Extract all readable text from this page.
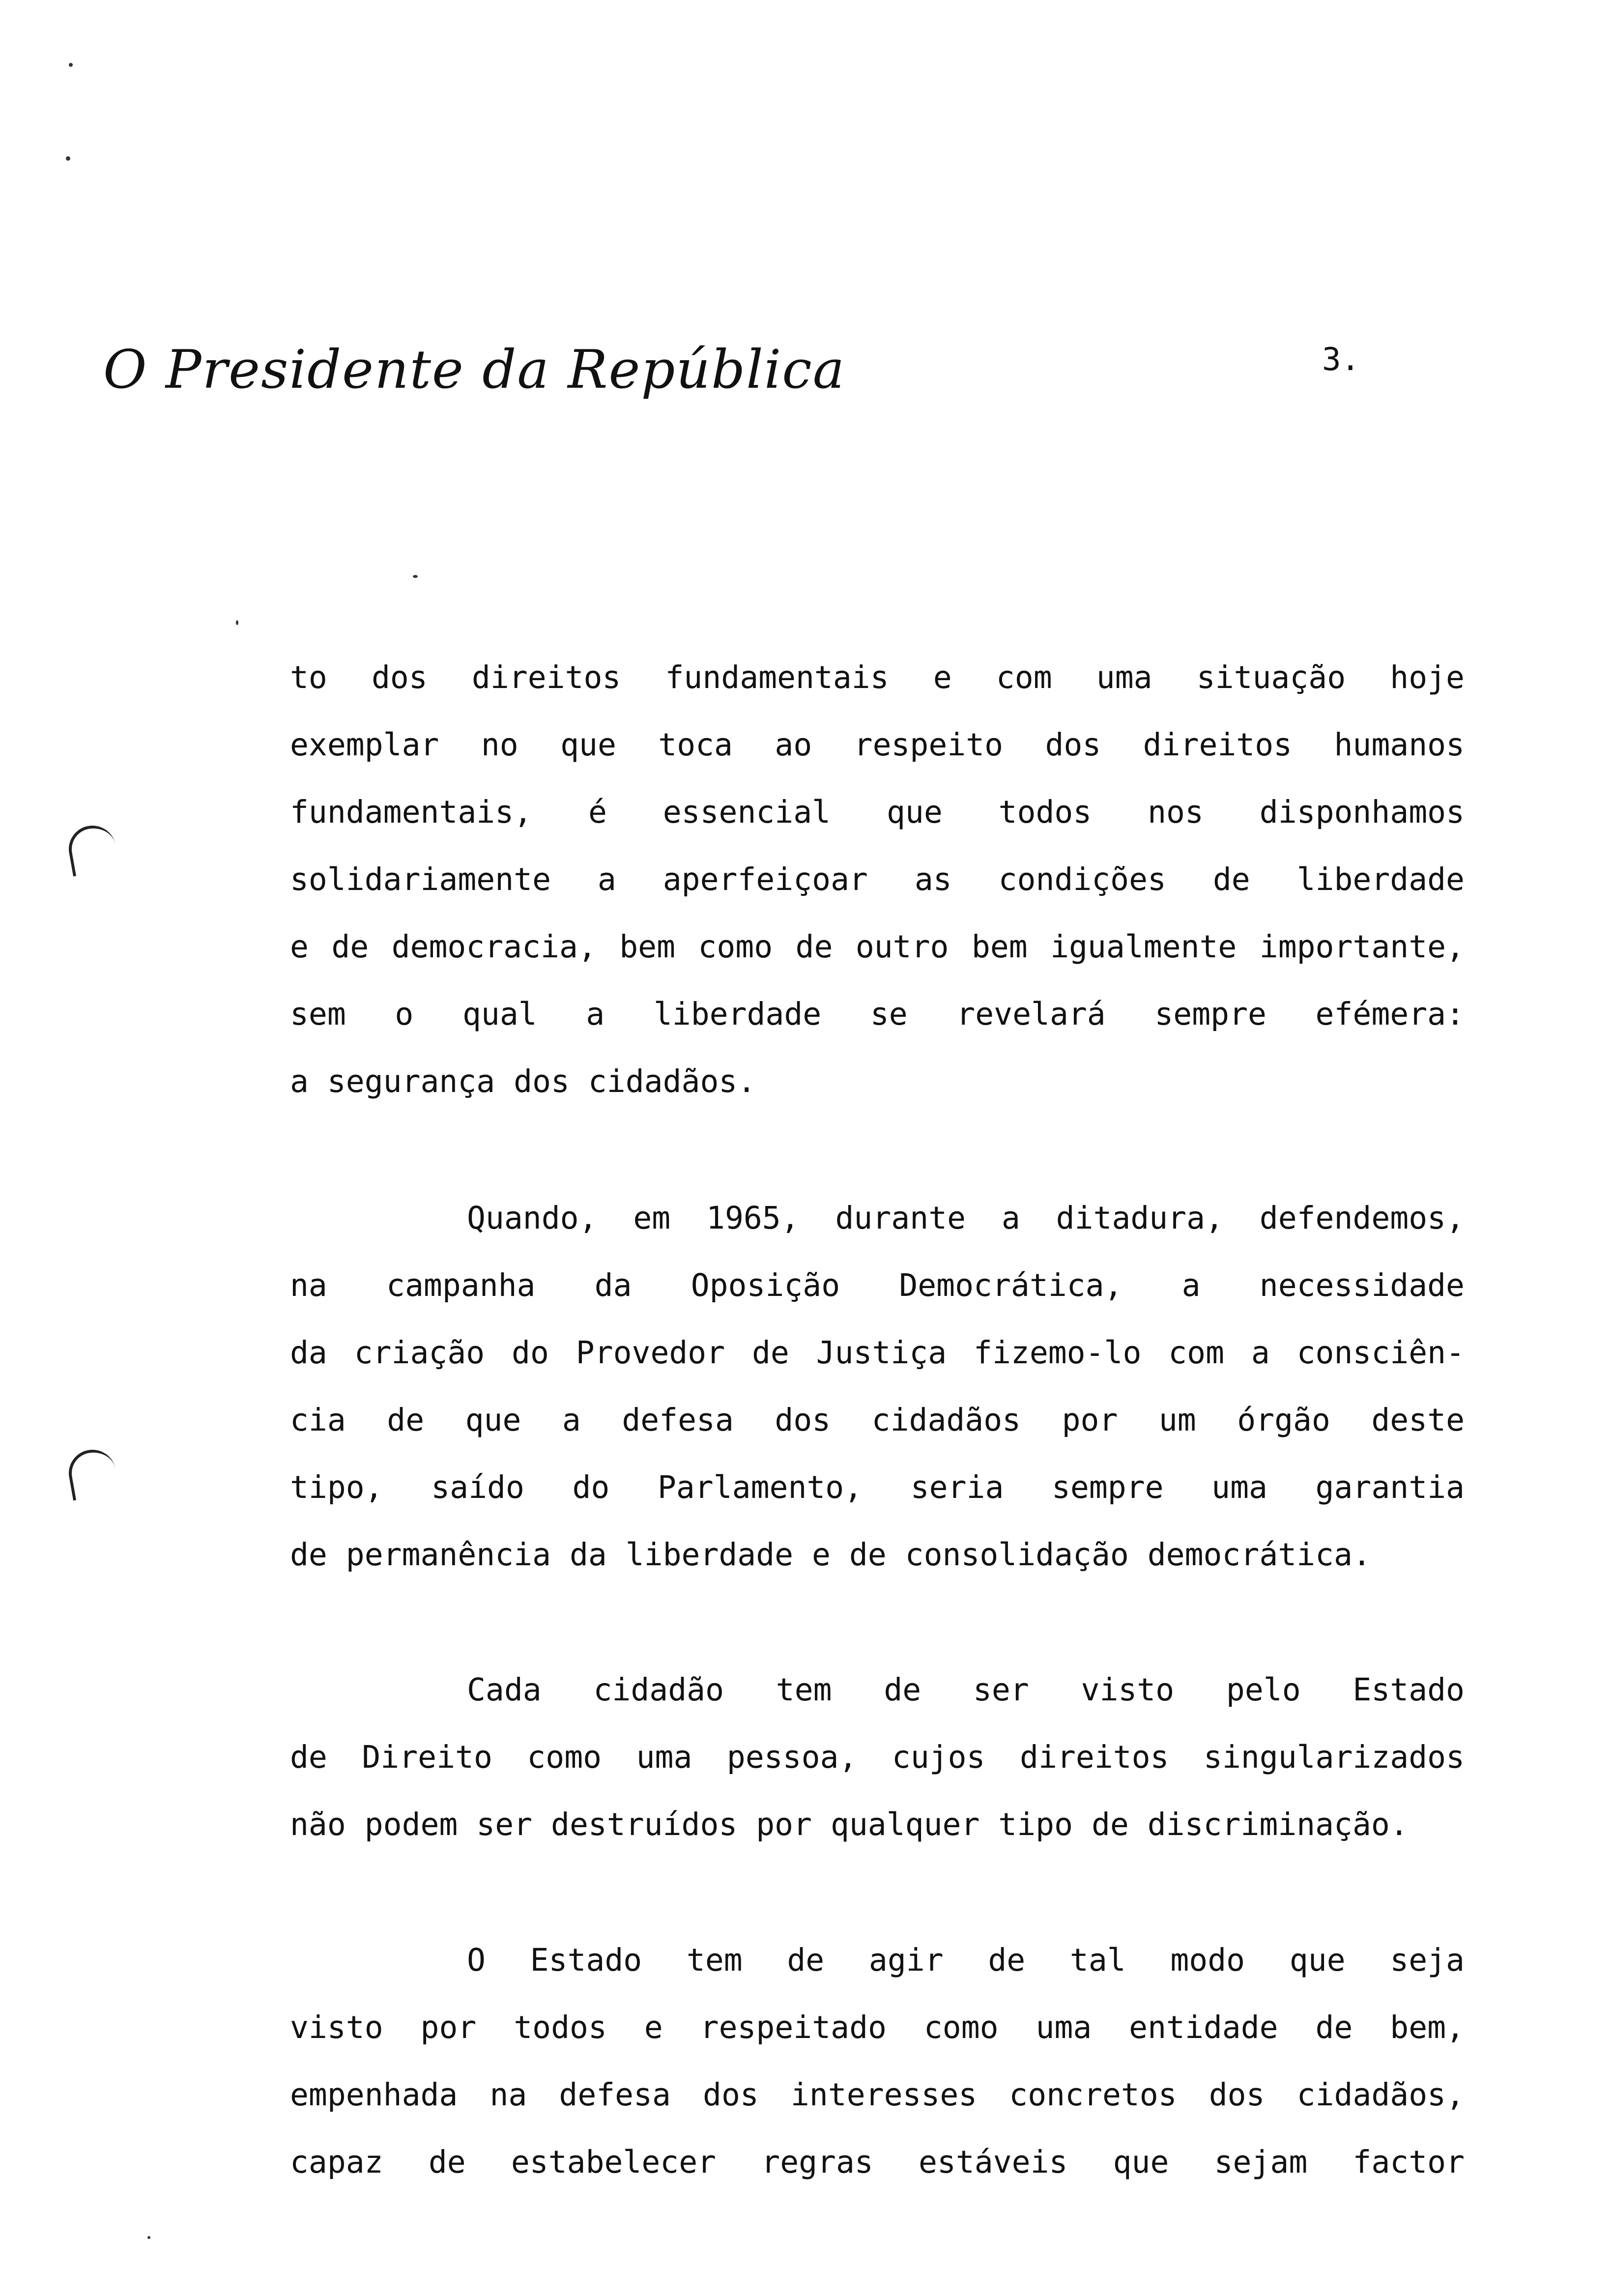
O Presidente da República	3.
to dos direitos fundamentais e com uma situação hoje
exemplar no que toca ao respeito dos direitos humanos
fundamentais, é essencial que todos nos disponhamos
solidariamente a aperfeiçoar as condições de liberdade
e de democracia, bem como de outro bem igualmente importante,
sem o qual a liberdade se revelará sempre efémera:
a segurança dos cidadãos.
Quando, em 1965, durante a ditadura, defendemos,
na campanha da Oposição Democrática, a necessidade
da criação do Provedor de Justiça fizemo-lo com a consciên-
cia de que a defesa dos cidadãos por um órgão deste
tipo, saído do Parlamento, seria sempre uma garantia
de permanência da liberdade e de consolidação democrática.
Cada cidadão tem de ser visto pelo Estado
de Direito como uma pessoa, cujos direitos singularizados
não podem ser destruídos por qualquer tipo de discriminação.
O Estado tem de agir de tal modo que seja
visto por todos e respeitado como uma entidade de bem,
empenhada na defesa dos interesses concretos dos cidadãos,
capaz de estabelecer regras estáveis que sejam factor
